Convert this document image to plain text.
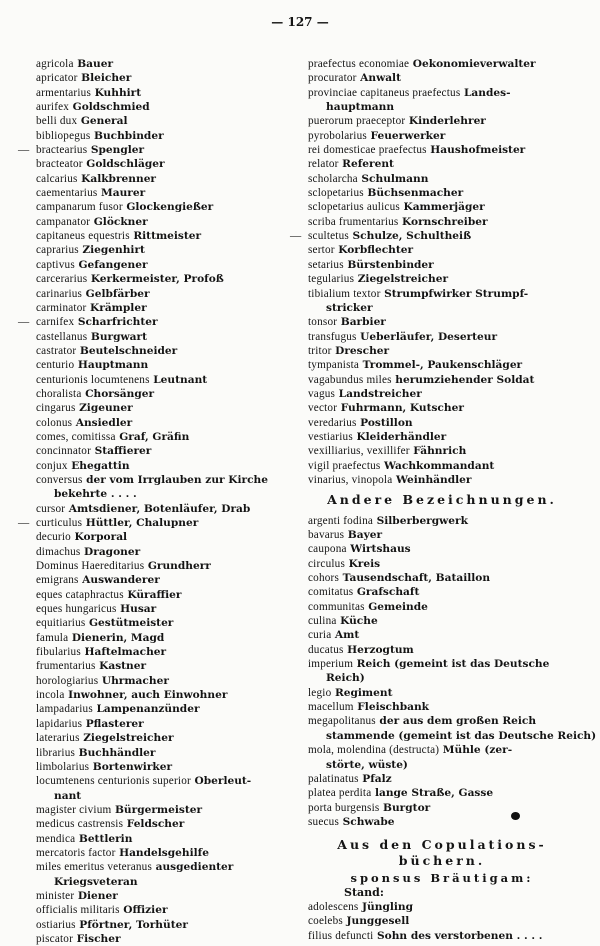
— 127 —
agricola Bauer
apricator Bleicher
armentarius Kuhhirt
aurifex Goldschmied
belli dux General
bibliopegus Buchbinder
— bractearius Spengler
bracteator Goldschläger
calcarius Kalkbrenner
caementarius Maurer
campanarum fusor Glockengießer
campanator Glöckner
capitaneus equestris Rittmeister
caprarius Ziegenhirt
captivus Gefangener
carcerarius Kerkermeister, Profoß
carinarius Gelbfärber
carminator Krämpler
— carnifex Scharfrichter
castellanus Burgwart
castrator Beutelschneider
centurio Hauptmann
centurionis locumtenens Leutnant
choralista Chorsänger
cingarus Zigeuner
colonus Ansiedler
comes, comitissa Graf, Gräfin
concinnator Staffierer
conjux Ehegattin
conversus der vom Irrglauben zur Kirche
bekehrte . . . .
cursor Amtsdiener, Botenläufer, Drab
— curticulus Hüttler, Chalupner
decurio Korporal
dimachus Dragoner
Dominus Haereditarius Grundherr
emigrans Auswanderer
eques cataphractus Küraffier
eques hungaricus Husar
equitiarius Gestütmeister
famula Dienerin, Magd
fibularius Haftelmacher
frumentarius Kastner
horologiarius Uhrmacher
incola Inwohner, auch Einwohner
lampadarius Lampenanzünder
lapidarius Pflasterer
laterarius Ziegelstreicher
librarius Buchhändler
limbolarius Bortenwirker
locumtenens centurionis superior Oberleut-
nant
magister civium Bürgermeister
medicus castrensis Feldscher
mendica Bettlerin
mercatoris factor Handelsgehilfe
miles emeritus veteranus ausgedienter
Kriegsveteran
minister Diener
officialis militaris Offizier
ostiarius Pförtner, Torhüter
piscator Fischer
praefectus economiae Oekonomieverwalter
procurator Anwalt
provinciae capitaneus praefectus Landes-
hauptmann
puerorum praeceptor Kinderlehrer
pyrobolarius Feuerwerker
rei domesticae praefectus Haushofmeister
relator Referent
scholarcha Schulmann
sclopetarius Büchsenmacher
sclopetarius aulicus Kammerjäger
scriba frumentarius Kornschreiber
— scultetus Schulze, Schultheiß
sertor Korbflechter
setarius Bürstenbinder
tegularius Ziegelstreicher
tibialium textor Strumpfwirker Strumpf-
stricker
tonsor Barbier
transfugus Ueberläufer, Deserteur
tritor Drescher
tympanista Trommel-, Paukenschläger
vagabundus miles herumziehender Soldat
vagus Landstreicher
vector Fuhrmann, Kutscher
veredarius Postillon
vestiarius Kleiderhändler
vexilliarius, vexillifer Fähnrich
vigil praefectus Wachkommandant
vinarius, vinopola Weinhändler
Andere Bezeichnungen.
argenti fodina Silberbergwerk
bavarus Bayer
caupona Wirtshaus
circulus Kreis
cohors Tausendschaft, Bataillon
comitatus Grafschaft
communitas Gemeinde
culina Küche
curia Amt
ducatus Herzogtum
imperium Reich (gemeint ist das Deutsche
Reich)
legio Regiment
macellum Fleischbank
megapolitanus der aus dem großen Reich
stammende (gemeint ist das Deutsche Reich)
mola, molendina (destructa) Mühle (zer-
störte, wüste)
palatinatus Pfalz
platea perdita lange Straße, Gasse
porta burgensis Burgtor
suecus Schwabe
Aus den Copulations-
büchern.
sponsus Bräutigam:
Stand:
adolescens Jüngling
coelebs Junggesell
filius defuncti Sohn des verstorbenen . . . .
